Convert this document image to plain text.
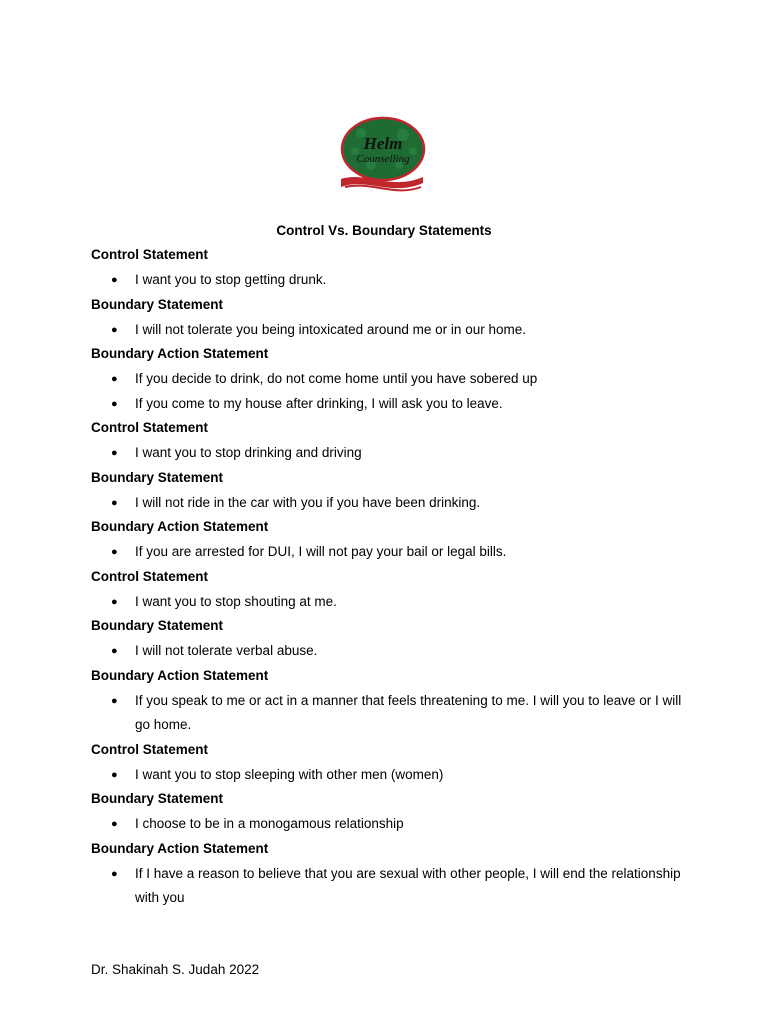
Helm
Counselling
Control Vs. Boundary Statements
Control Statement
● I want you to stop getting drunk.
Boundary Statement
● I will not tolerate you being intoxicated around me or in our home.
Boundary Action Statement
● If you decide to drink, do not come home until you have sobered up
● If you come to my house after drinking, I will ask you to leave.
Control Statement
● I want you to stop drinking and driving
Boundary Statement
● I will not ride in the car with you if you have been drinking.
Boundary Action Statement
● If you are arrested for DUI, I will not pay your bail or legal bills.
Control Statement
● I want you to stop shouting at me.
Boundary Statement
● I will not tolerate verbal abuse.
Boundary Action Statement
● If you speak to me or act in a manner that feels threatening to me. I will you to leave or I will go home.
Control Statement
● I want you to stop sleeping with other men (women)
Boundary Statement
● I choose to be in a monogamous relationship
Boundary Action Statement
● If I have a reason to believe that you are sexual with other people, I will end the relationship with you
Dr. Shakinah S. Judah 2022
